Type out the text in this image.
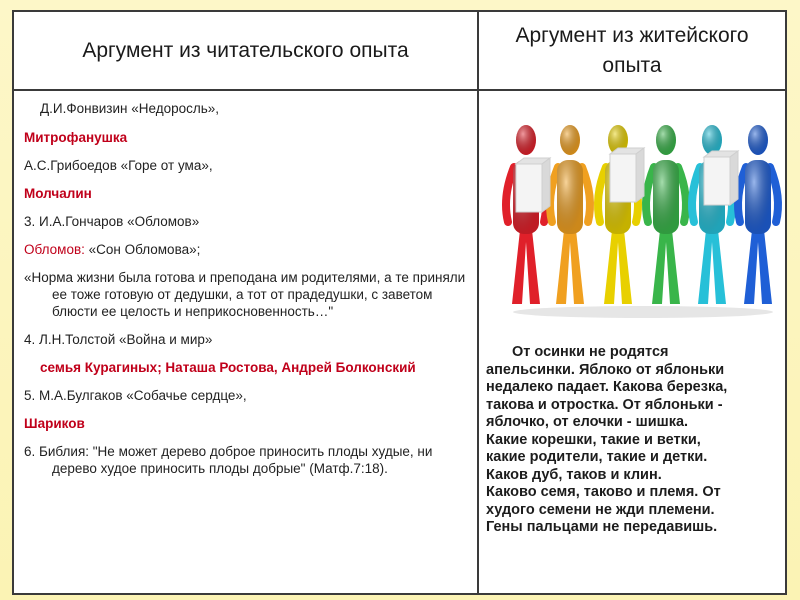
Аргумент из читательского опыта
Аргумент из житейского
опыта

Д.И.Фонвизин «Недоросль»,

Митрофанушка

А.С.Грибоедов «Горе от ума»,

Молчалин

3. И.А.Гончаров «Обломов»

Обломов: «Сон Обломова»;

«Норма жизни была готова и преподана им родителями, а те приняли ее тоже готовую от дедушки, а тот от прадедушки, с заветом блюсти ее целость и неприкосновенность…"

4. Л.Н.Толстой «Война и мир»

семья Курагиных; Наташа Ростова, Андрей Болконский

5. М.А.Булгаков «Собачье сердце»,

Шариков

6. Библия: "Не может дерево доброе приносить плоды худые, ни дерево худое приносить плоды добрые" (Матф.7:18).

От осинки не родятся
апельсинки. Яблоко от яблоньки
недалеко падает. Какова березка,
такова и отростка. От яблоньки -
яблочко, от елочки - шишка.
Какие корешки, такие и ветки,
какие родители, такие и детки.
Каков дуб, таков и клин.
Каково семя, таково и племя. От
худого семени не жди племени.
Гены пальцами не передавишь.
